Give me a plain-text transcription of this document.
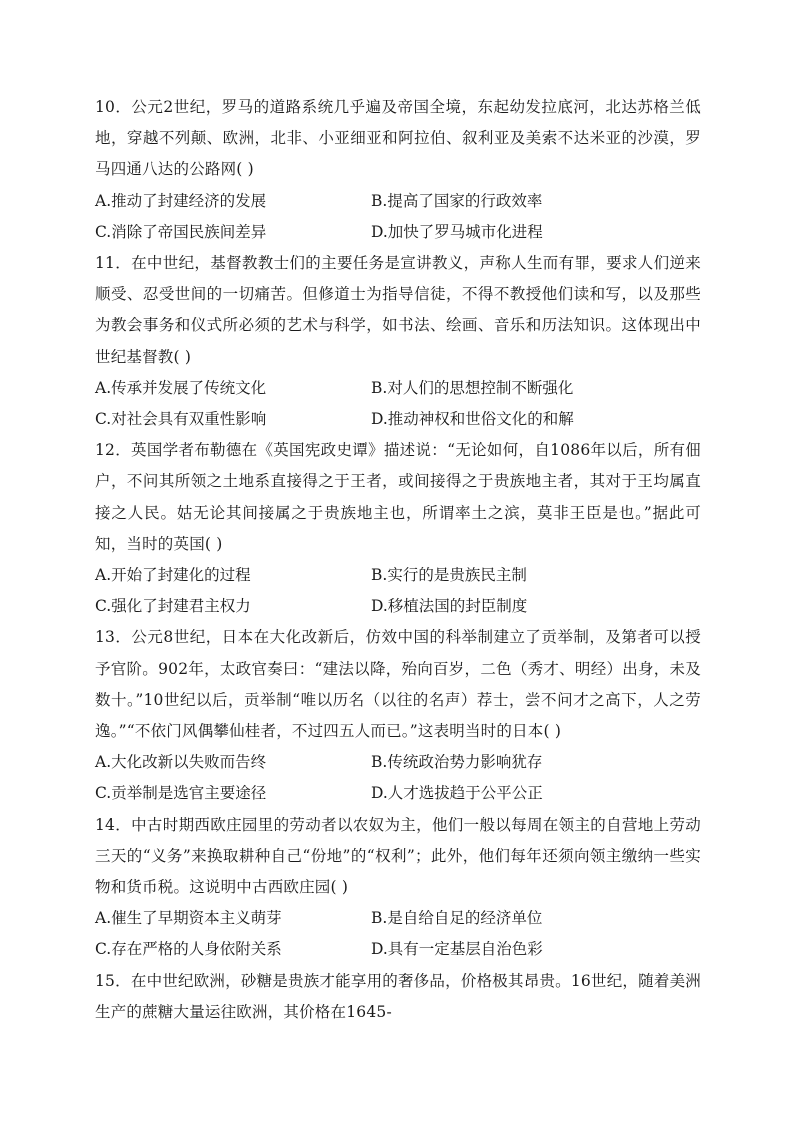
10．公元2世纪，罗马的道路系统几乎遍及帝国全境，东起幼发拉底河，北达苏格兰低地，穿越不列颠、欧洲，北非、小亚细亚和阿拉伯、叙利亚及美索不达米亚的沙漠，罗马四通八达的公路网( )

A.推动了封建经济的发展	B.提高了国家的行政效率
C.消除了帝国民族间差异	D.加快了罗马城市化进程

11．在中世纪，基督教教士们的主要任务是宣讲教义，声称人生而有罪，要求人们逆来顺受、忍受世间的一切痛苦。但修道士为指导信徒，不得不教授他们读和写，以及那些为教会事务和仪式所必须的艺术与科学，如书法、绘画、音乐和历法知识。这体现出中世纪基督教( )

A.传承并发展了传统文化	B.对人们的思想控制不断强化
C.对社会具有双重性影响	D.推动神权和世俗文化的和解

12．英国学者布勒德在《英国宪政史谭》描述说：“无论如何，自1086年以后，所有佃户，不问其所领之土地系直接得之于王者，或间接得之于贵族地主者，其对于王均属直接之人民。姑无论其间接属之于贵族地主也，所谓率土之滨，莫非王臣是也。”据此可知，当时的英国( )

A.开始了封建化的过程	B.实行的是贵族民主制
C.强化了封建君主权力	D.移植法国的封臣制度

13．公元8世纪，日本在大化改新后，仿效中国的科举制建立了贡举制，及第者可以授予官阶。902年，太政官奏曰：“建法以降，殆向百岁，二色（秀才、明经）出身，未及数十。”10世纪以后，贡举制“唯以历名（以往的名声）荐士，尝不问才之高下，人之劳逸。”“不依门风偶攀仙桂者，不过四五人而已。”这表明当时的日本( )

A.大化改新以失败而告终	B.传统政治势力影响犹存
C.贡举制是选官主要途径	D.人才选拔趋于公平公正

14．中古时期西欧庄园里的劳动者以农奴为主，他们一般以每周在领主的自营地上劳动三天的“义务”来换取耕种自己“份地”的“权利”；此外，他们每年还须向领主缴纳一些实物和货币税。这说明中古西欧庄园( )

A.催生了早期资本主义萌芽	B.是自给自足的经济单位
C.存在严格的人身依附关系	D.具有一定基层自治色彩

15．在中世纪欧洲，砂糖是贵族才能享用的奢侈品，价格极其昂贵。16世纪，随着美洲生产的蔗糖大量运往欧洲，其价格在1645-
